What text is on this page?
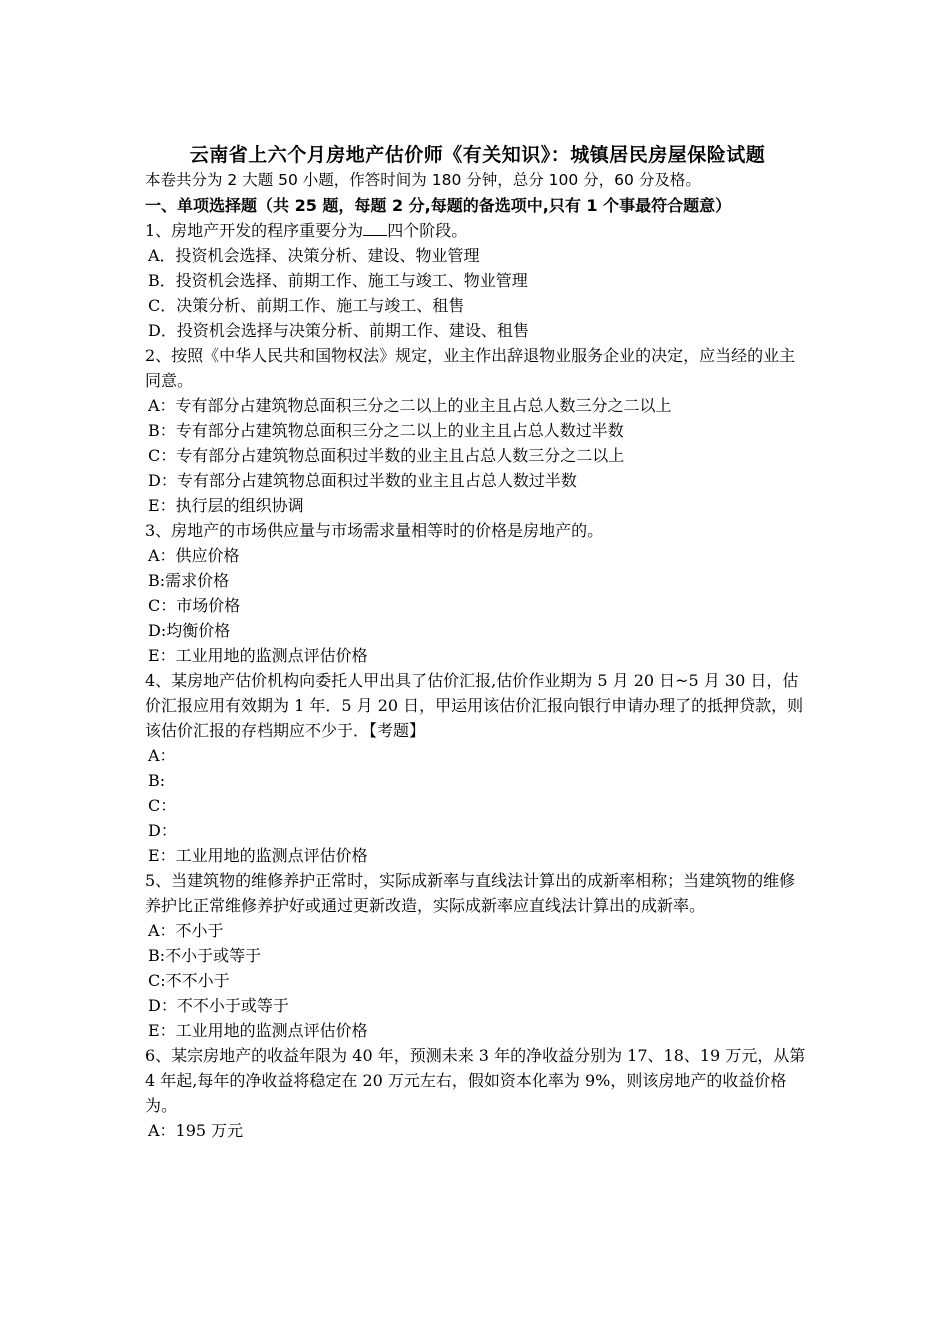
云南省上六个月房地产估价师《有关知识》：城镇居民房屋保险试题

本卷共分为 2 大题 50 小题，作答时间为 180 分钟，总分 100 分，60 分及格。

一、单项选择题（共 25 题，每题 2 分,每题的备选项中,只有 1 个事最符合题意）

1、房地产开发的程序重要分为 四个阶段。

A．投资机会选择、决策分析、建设、物业管理

B．投资机会选择、前期工作、施工与竣工、物业管理

C．决策分析、前期工作、施工与竣工、租售

D．投资机会选择与决策分析、前期工作、建设、租售

2、按照《中华人民共和国物权法》规定，业主作出辞退物业服务企业的决定，应当经的业主同意。

A：专有部分占建筑物总面积三分之二以上的业主且占总人数三分之二以上

B：专有部分占建筑物总面积三分之二以上的业主且占总人数过半数

C：专有部分占建筑物总面积过半数的业主且占总人数三分之二以上

D：专有部分占建筑物总面积过半数的业主且占总人数过半数

E：执行层的组织协调

3、房地产的市场供应量与市场需求量相等时的价格是房地产的。

A：供应价格

B:需求价格

C：市场价格

D:均衡价格

E：工业用地的监测点评估价格

4、某房地产估价机构向委托人甲出具了估价汇报,估价作业期为 5 月 20 日~5 月 30 日，估价汇报应用有效期为 1 年．5 月 20 日，甲运用该估价汇报向银行申请办理了的抵押贷款，则该估价汇报的存档期应不少于．【考题】

A：

B:

C：

D：

E：工业用地的监测点评估价格

5、当建筑物的维修养护正常时，实际成新率与直线法计算出的成新率相称；当建筑物的维修养护比正常维修养护好或通过更新改造，实际成新率应直线法计算出的成新率。

A：不小于

B:不小于或等于

C:不不小于

D：不不小于或等于

E：工业用地的监测点评估价格

6、某宗房地产的收益年限为 40 年，预测未来 3 年的净收益分别为 17、18、19 万元，从第 4 年起,每年的净收益将稳定在 20 万元左右，假如资本化率为 9%，则该房地产的收益价格为。

A：195 万元
